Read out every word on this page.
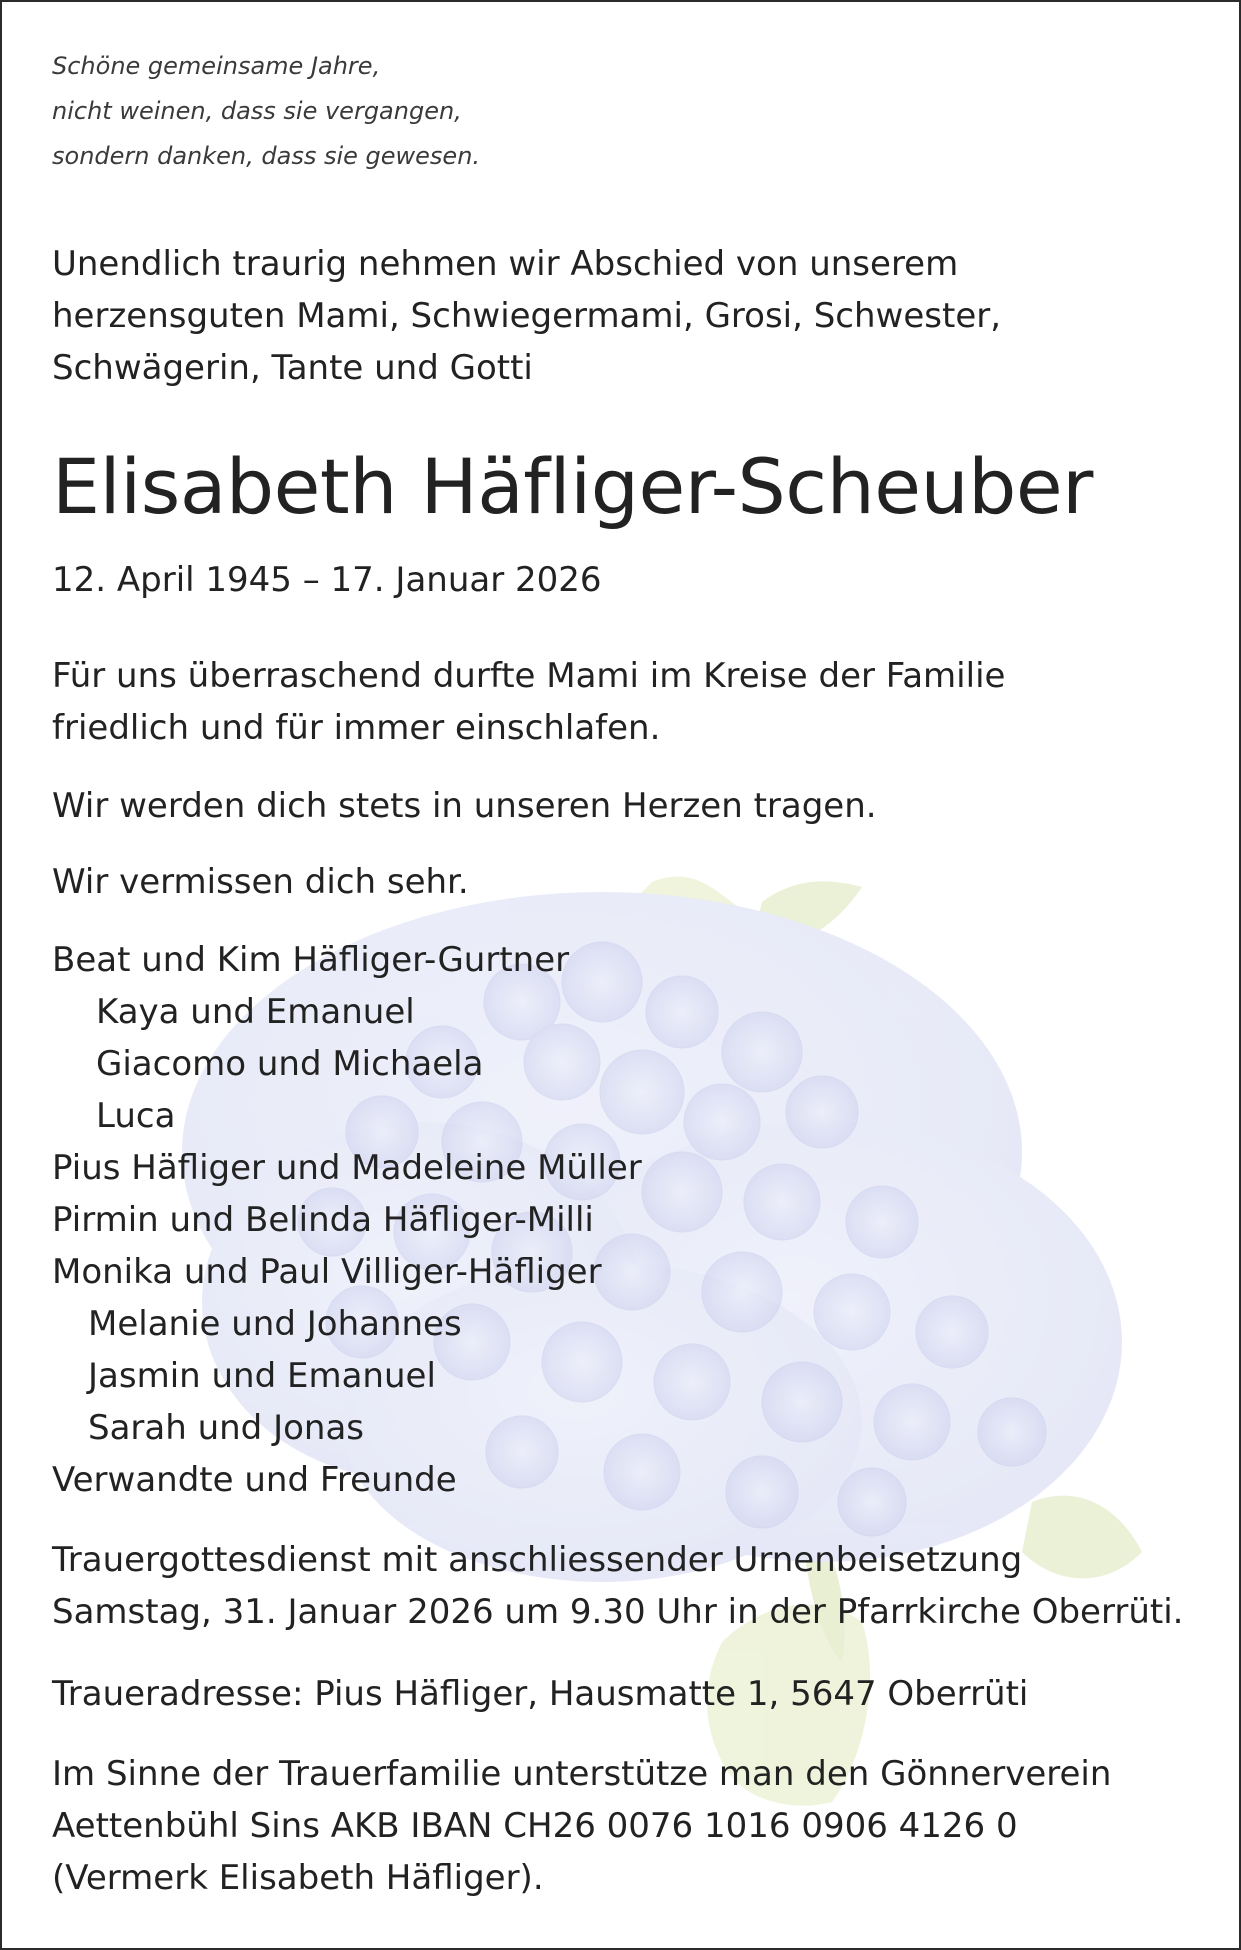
Schöne gemeinsame Jahre,
nicht weinen, dass sie vergangen,
sondern danken, dass sie gewesen.
Unendlich traurig nehmen wir Abschied von unserem
herzensguten Mami, Schwiegermami, Grosi, Schwester,
Schwägerin, Tante und Gotti
Elisabeth Häfliger-Scheuber
12. April 1945 – 17. Januar 2026
Für uns überraschend durfte Mami im Kreise der Familie
friedlich und für immer einschlafen.
Wir werden dich stets in unseren Herzen tragen.
Wir vermissen dich sehr.
Beat und Kim Häfliger-Gurtner
Kaya und Emanuel
Giacomo und Michaela
Luca
Pius Häfliger und Madeleine Müller
Pirmin und Belinda Häfliger-Milli
Monika und Paul Villiger-Häfliger
Melanie und Johannes
Jasmin und Emanuel
Sarah und Jonas
Verwandte und Freunde
Trauergottesdienst mit anschliessender Urnenbeisetzung
Samstag, 31. Januar 2026 um 9.30 Uhr in der Pfarrkirche Oberrüti.
Traueradresse: Pius Häfliger, Hausmatte 1, 5647 Oberrüti
Im Sinne der Trauerfamilie unterstütze man den Gönnerverein
Aettenbühl Sins AKB IBAN CH26 0076 1016 0906 4126 0
(Vermerk Elisabeth Häfliger).
